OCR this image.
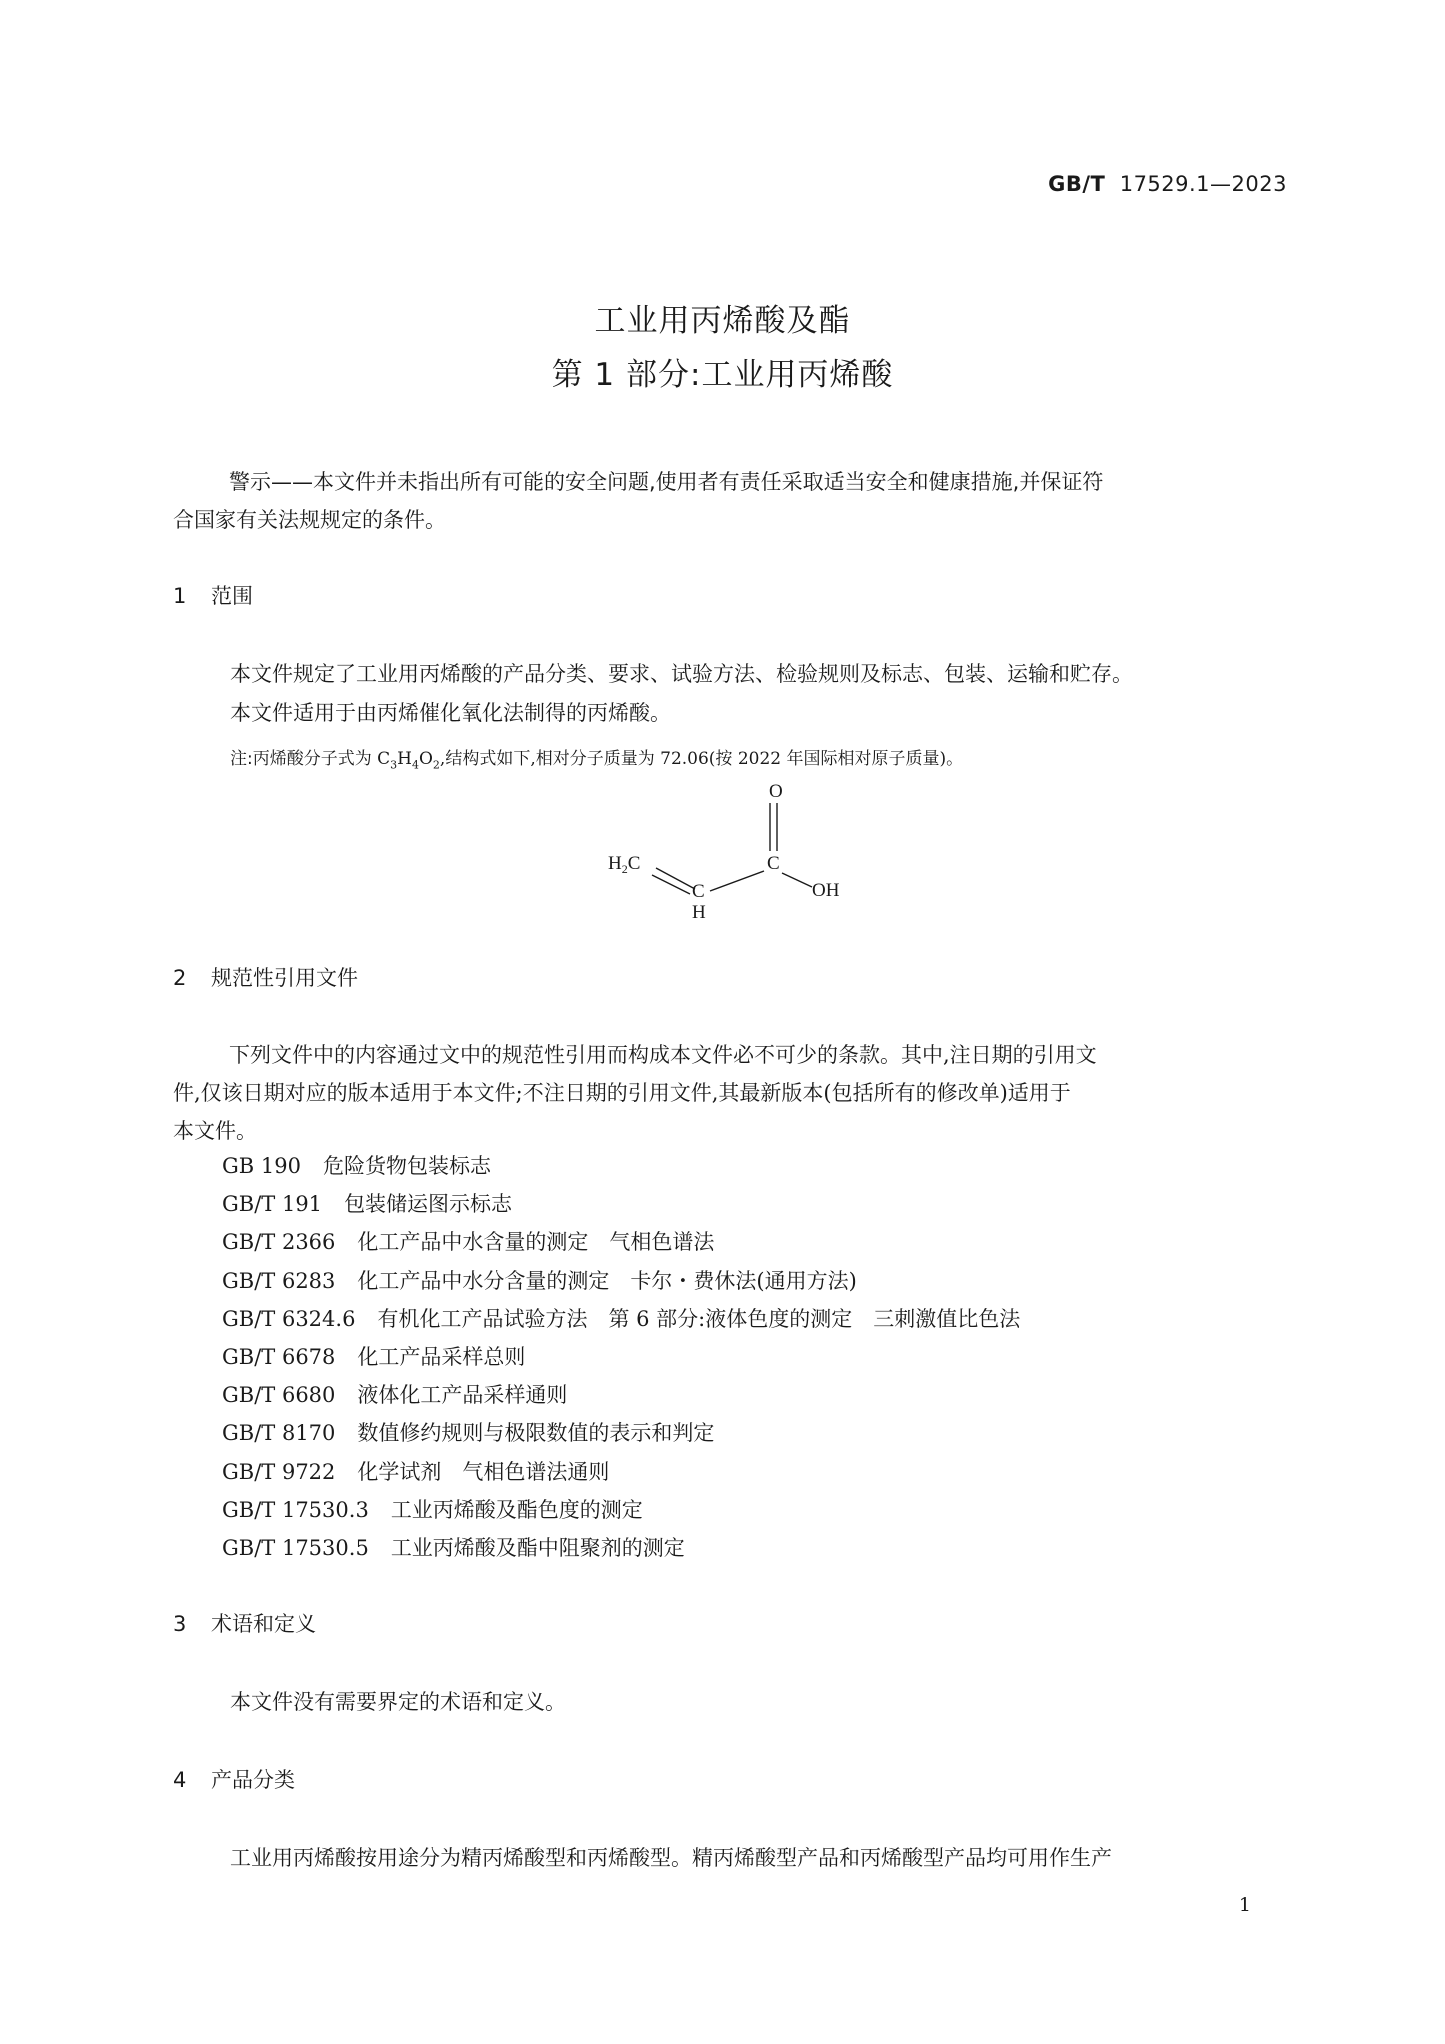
GB/T 17529.1—2023
工业用丙烯酸及酯
第 1 部分:工业用丙烯酸

警示——本文件并未指出所有可能的安全问题,使用者有责任采取适当安全和健康措施,并保证符

合国家有关法规规定的条件。

1 范围
本文件规定了工业用丙烯酸的产品分类、要求、试验方法、检验规则及标志、包装、运输和贮存。
本文件适用于由丙烯催化氧化法制得的丙烯酸。
注:丙烯酸分子式为 $C_3H_4O_2$,结构式如下,相对分子质量为 72.06(按 2022 年国际相对原子质量)。
O
C
$H_2C$
C
H
OH
2 规范性引用文件

下列文件中的内容通过文中的规范性引用而构成本文件必不可少的条款。其中,注日期的引用文

件,仅该日期对应的版本适用于本文件;不注日期的引用文件,其最新版本(包括所有的修改单)适用于

本文件。

GB 190 危险货物包装标志
GB/T 191 包装储运图示标志
GB/T 2366 化工产品中水含量的测定　气相色谱法
GB/T 6283 化工产品中水分含量的测定　卡尔・费休法(通用方法)
GB/T 6324.6 有机化工产品试验方法　第 6 部分:液体色度的测定　三刺激值比色法
GB/T 6678 化工产品采样总则
GB/T 6680 液体化工产品采样通则
GB/T 8170 数值修约规则与极限数值的表示和判定
GB/T 9722 化学试剂　气相色谱法通则
GB/T 17530.3 工业丙烯酸及酯色度的测定
GB/T 17530.5 工业丙烯酸及酯中阻聚剂的测定
3 术语和定义
本文件没有需要界定的术语和定义。
4 产品分类
工业用丙烯酸按用途分为精丙烯酸型和丙烯酸型。精丙烯酸型产品和丙烯酸型产品均可用作生产
1
